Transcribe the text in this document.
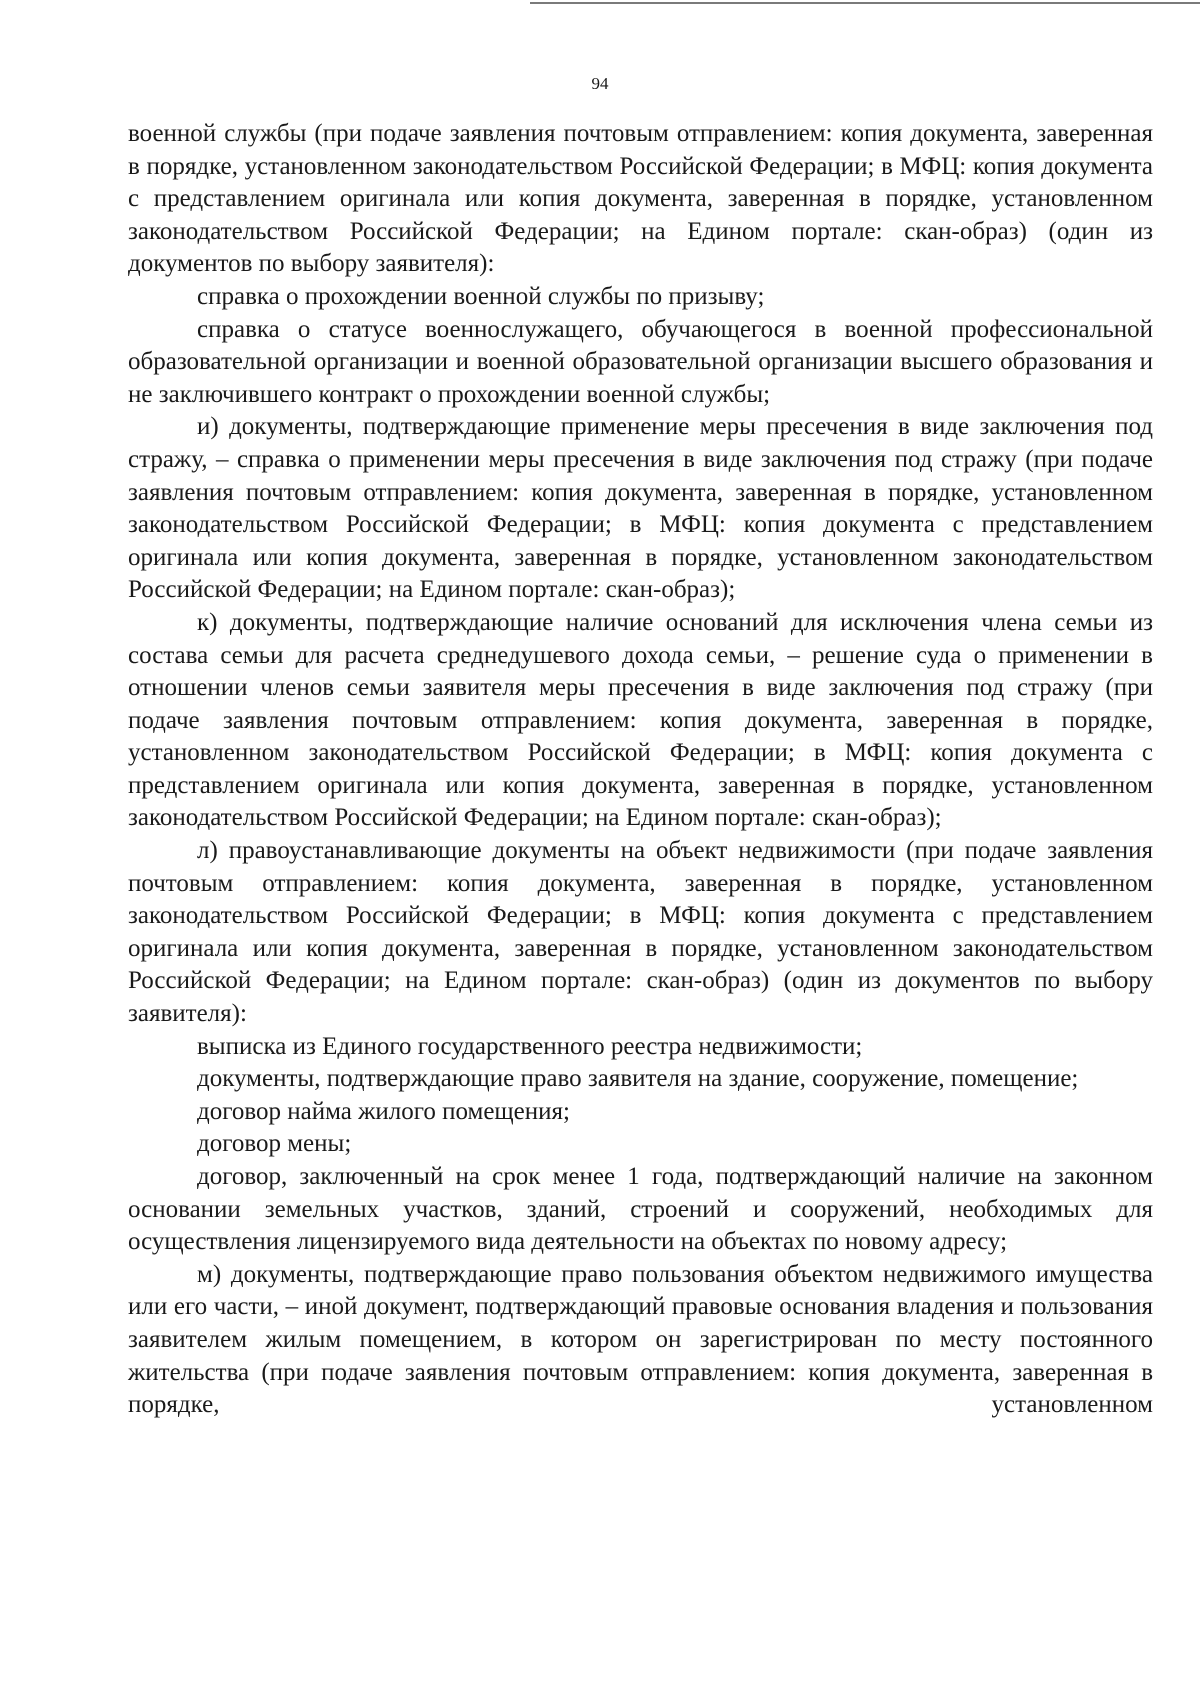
94

военной службы (при подаче заявления почтовым отправлением: копия документа, заверенная в порядке, установленном законодательством Российской Федерации; в МФЦ: копия документа с представлением оригинала или копия документа, заверенная в порядке, установленном законодательством Российской Федерации; на Едином портале: скан-образ) (один из документов по выбору заявителя):

справка о прохождении военной службы по призыву;

справка о статусе военнослужащего, обучающегося в военной профессиональной образовательной организации и военной образовательной организации высшего образования и не заключившего контракт о прохождении военной службы;

и) документы, подтверждающие применение меры пресечения в виде заключения под стражу, – справка о применении меры пресечения в виде заключения под стражу (при подаче заявления почтовым отправлением: копия документа, заверенная в порядке, установленном законодательством Российской Федерации; в МФЦ: копия документа с представлением оригинала или копия документа, заверенная в порядке, установленном законодательством Российской Федерации; на Едином портале: скан-образ);

к) документы, подтверждающие наличие оснований для исключения члена семьи из состава семьи для расчета среднедушевого дохода семьи, – решение суда о применении в отношении членов семьи заявителя меры пресечения в виде заключения под стражу (при подаче заявления почтовым отправлением: копия документа, заверенная в порядке, установленном законодательством Российской Федерации; в МФЦ: копия документа с представлением оригинала или копия документа, заверенная в порядке, установленном законодательством Российской Федерации; на Едином портале: скан-образ);

л) правоустанавливающие документы на объект недвижимости (при подаче заявления почтовым отправлением: копия документа, заверенная в порядке, установленном законодательством Российской Федерации; в МФЦ: копия документа с представлением оригинала или копия документа, заверенная в порядке, установленном законодательством Российской Федерации; на Едином портале: скан-образ) (один из документов по выбору заявителя):

выписка из Единого государственного реестра недвижимости;

документы, подтверждающие право заявителя на здание, сооружение, помещение;

договор найма жилого помещения;

договор мены;

договор, заключенный на срок менее 1 года, подтверждающий наличие на законном основании земельных участков, зданий, строений и сооружений, необходимых для осуществления лицензируемого вида деятельности на объектах по новому адресу;

м) документы, подтверждающие право пользования объектом недвижимого имущества или его части, – иной документ, подтверждающий правовые основания владения и пользования заявителем жилым помещением, в котором он зарегистрирован по месту постоянного жительства (при подаче заявления почтовым отправлением: копия документа, заверенная в порядке, установленном
